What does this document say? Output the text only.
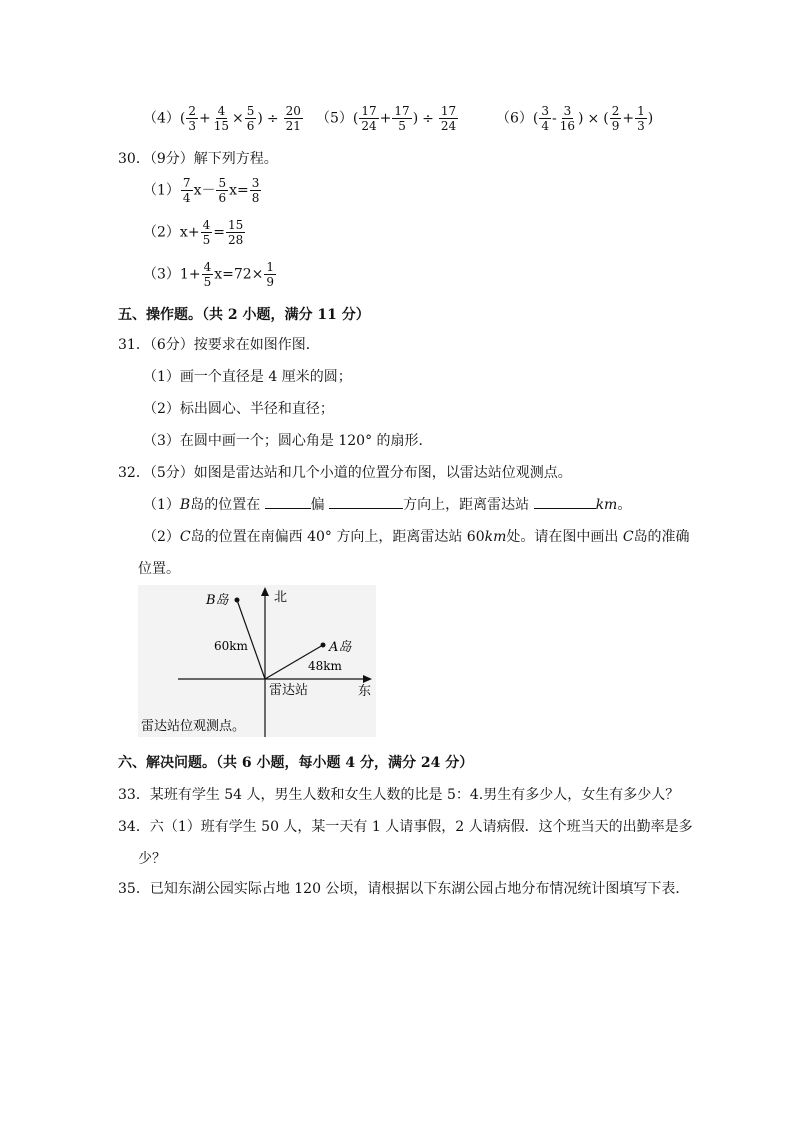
$(4)( \frac{2}{3} + \frac{4}{15} \times \frac{5}{6}$ ) ÷ $\frac{20}{21} (5)( \frac{17}{24} + \frac{17}{5}$ ) ÷ $\frac{17}{24}$	$(6)( \frac{3}{4} - \frac{3}{16}$ ) × ( $\frac{2}{9} + \frac{1}{3}$ )
30．（9分）解下列方程。
$(1) \frac{7}{4} x- \frac{5}{6} x= \frac{3}{8}$
$(2)x+ \frac{4}{5} = \frac{15}{28}$
$(3)1+ \frac{4}{5} x=72\times \frac{1}{9}$
五、操作题。（共 2 小题，满分 11 分）
31．（6分）按要求在如图作图．
（1）画一个直径是 4 厘米的圆；
（2）标出圆心、半径和直径；
（3）在圆中画一个；圆心角是 120° 的扇形．
32．（5分）如图是雷达站和几个小道的位置分布图，以雷达站位观测点。
（1）B岛的位置在	偏	方向上，距离雷达站	km。
（2）C岛的位置在南偏西 40° 方向上，距离雷达站 60km处。请在图中画出 C岛的准确
位置。
北
东
雷达站
B岛
A岛
60km
48km
雷达站位观测点。
六、解决问题。（共 6 小题，每小题 4 分，满分 24 分）
33．某班有学生 54 人，男生人数和女生人数的比是 5：4.男生有多少人，女生有多少人？
34．六（1）班有学生 50 人，某一天有 1 人请事假，2 人请病假．这个班当天的出勤率是多
少？
35．已知东湖公园实际占地 120 公顷，请根据以下东湖公园占地分布情况统计图填写下表．
